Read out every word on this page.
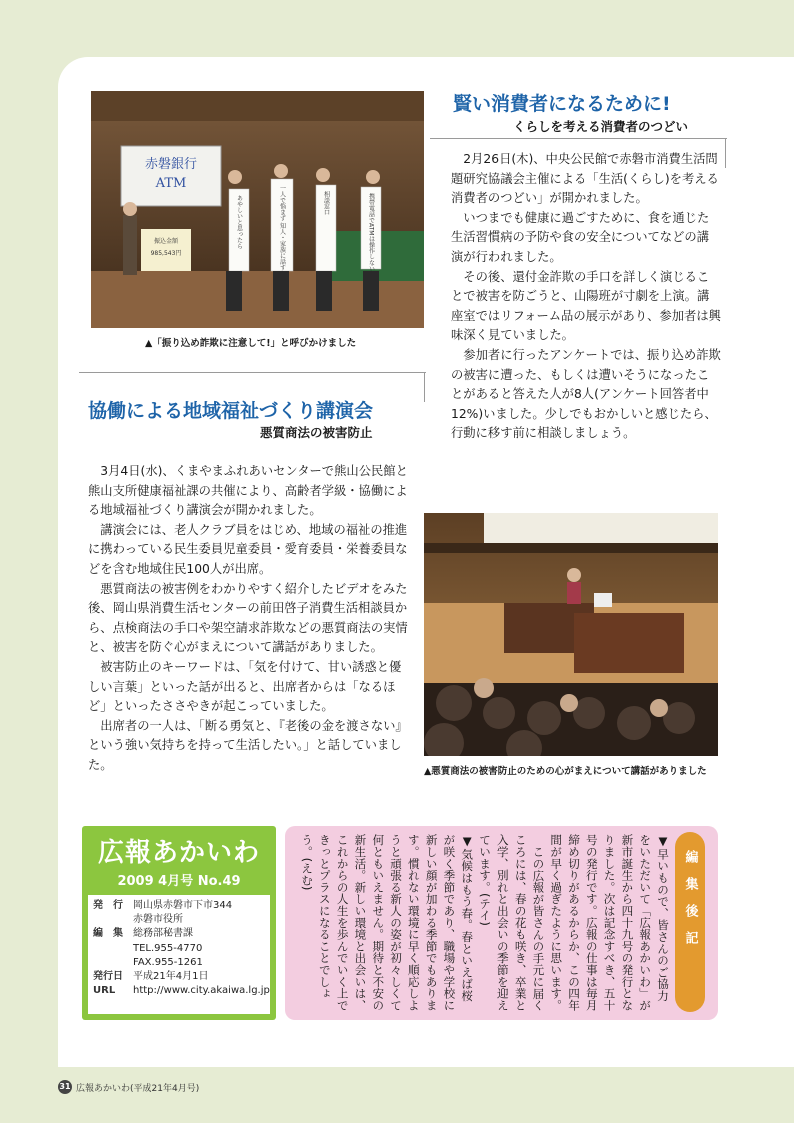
赤磐銀行
ATM
振込金額
985,543円
あやしいと思ったら	一人で悩まず 知人・家族に話す	相談窓口	携帯電話でATMは操作しない
▲「振り込め詐欺に注意して!」と呼びかけました
賢い消費者になるために!
くらしを考える消費者のつどい

2月26日(木)、中央公民館で赤磐市消費生活問題研究協議会主催による「生活(くらし)を考える消費者のつどい」が開かれました。

いつまでも健康に過ごすために、食を通じた生活習慣病の予防や食の安全についてなどの講演が行われました。

その後、還付金詐欺の手口を詳しく演じることで被害を防ごうと、山陽班が寸劇を上演。講座室ではリフォーム品の展示があり、参加者は興味深く見ていました。

参加者に行ったアンケートでは、振り込め詐欺の被害に遭った、もしくは遭いそうになったことがあると答えた人が8人(アンケート回答者中12%)いました。少しでもおかしいと感じたら、行動に移す前に相談しましょう。

協働による地域福祉づくり講演会
悪質商法の被害防止

3月4日(水)、くまやまふれあいセンターで熊山公民館と熊山支所健康福祉課の共催により、高齢者学級・協働による地域福祉づくり講演会が開かれました。

講演会には、老人クラブ員をはじめ、地域の福祉の推進に携わっている民生委員児童委員・愛育委員・栄養委員などを含む地域住民100人が出席。

悪質商法の被害例をわかりやすく紹介したビデオをみた後、岡山県消費生活センターの前田啓子消費生活相談員から、点検商法の手口や架空請求詐欺などの悪質商法の実情と、被害を防ぐ心がまえについて講話がありました。

被害防止のキーワードは、「気を付けて、甘い誘惑と優しい言葉」といった話が出ると、出席者からは「なるほど」といったささやきが起こっていました。

出席者の一人は、「断る勇気と、『老後の金を渡さない』という強い気持ちを持って生活したい。」と話していました。	▲悪質商法の被害防止のための心がまえについて講話がありました
広報あかいわ
2009 4月号 No.49
発　行	岡山県赤磐市下市344
赤磐市役所
編　集	総務部秘書課
TEL.955-4770
FAX.955-1261
発行日	平成21年4月1日
URL	http://www.city.akaiwa.lg.jp	▼早いもので、皆さんのご協力をいただいて「広報あかいわ」が新市誕生から四十九号の発行となりました。次は記念すべき、五十号の発行です。広報の仕事は毎月締め切りがあるからか、この四年間が早く過ぎたように思います。

この広報が皆さんの手元に届くころには、春の花も咲き、卒業と入学、別れと出会いの季節を迎えています。(テイ)

▼気候はもう春。春といえば桜が咲く季節であり、職場や学校に新しい顔が加わる季節でもあります。慣れない環境に早く順応しようと頑張る新人の姿が初々しくて何ともいえません。期待と不安の新生活。新しい環境と出会いは、これからの人生を歩んでいく上できっとプラスになることでしょう。(えむ)	編集後記
31 広報あかいわ(平成21年4月号)
